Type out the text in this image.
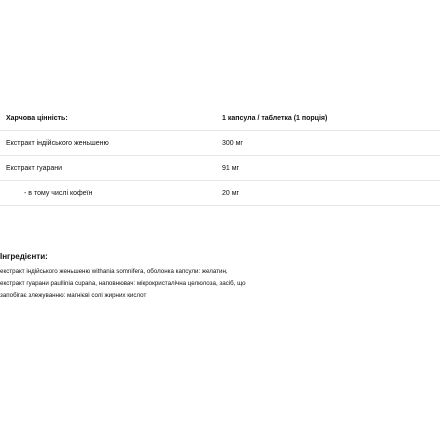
Харчова цінність:	1 капсула / таблетка (1 порція)
Екстракт індійського женьшеню	300 мг
Екстракт гуарани	91 мг
- в тому числі кофеїн	20 мг
Інгредієнти:
екстракт індійського женьшеню withania somnifera, оболонка капсули: желатин,
екстракт гуарани paullinia cupana, наповнювач: мікрокристалічна целюлоза, засіб, що
запобігає злежуванню: магнієві солі жирних кислот
